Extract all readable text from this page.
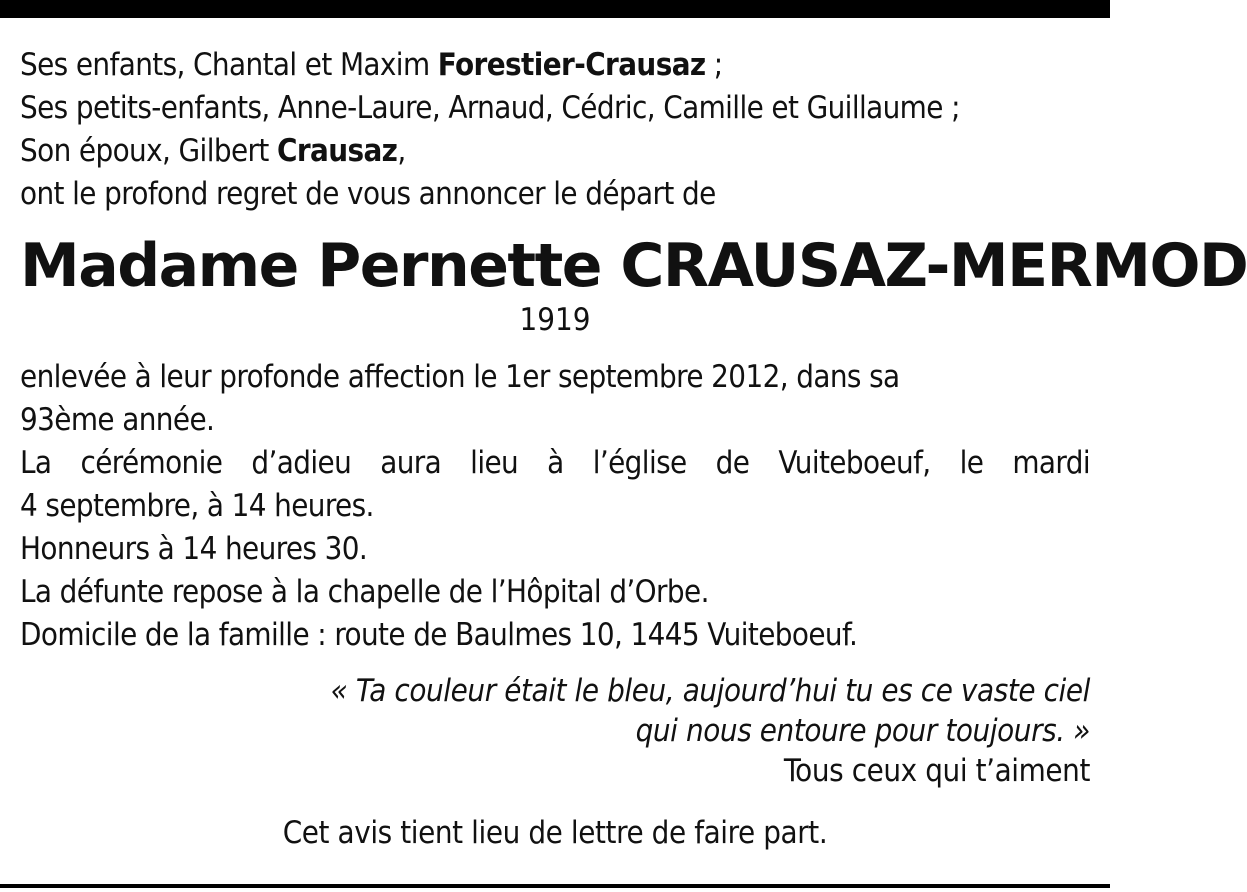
Ses enfants, Chantal et Maxim Forestier-Crausaz ;
Ses petits-enfants, Anne-Laure, Arnaud, Cédric, Camille et Guillaume ;
Son époux, Gilbert Crausaz,
ont le profond regret de vous annoncer le départ de
Madame Pernette CRAUSAZ-MERMOD
1919
enlevée à leur profonde affection le 1er septembre 2012, dans sa
93ème année.
La cérémonie d’adieu aura lieu à l’église de Vuiteboeuf, le mardi
4 septembre, à 14 heures.
Honneurs à 14 heures 30.
La défunte repose à la chapelle de l’Hôpital d’Orbe.
Domicile de la famille : route de Baulmes 10, 1445 Vuiteboeuf.
« Ta couleur était le bleu, aujourd’hui tu es ce vaste ciel
qui nous entoure pour toujours. »
Tous ceux qui t’aiment
Cet avis tient lieu de lettre de faire part.
